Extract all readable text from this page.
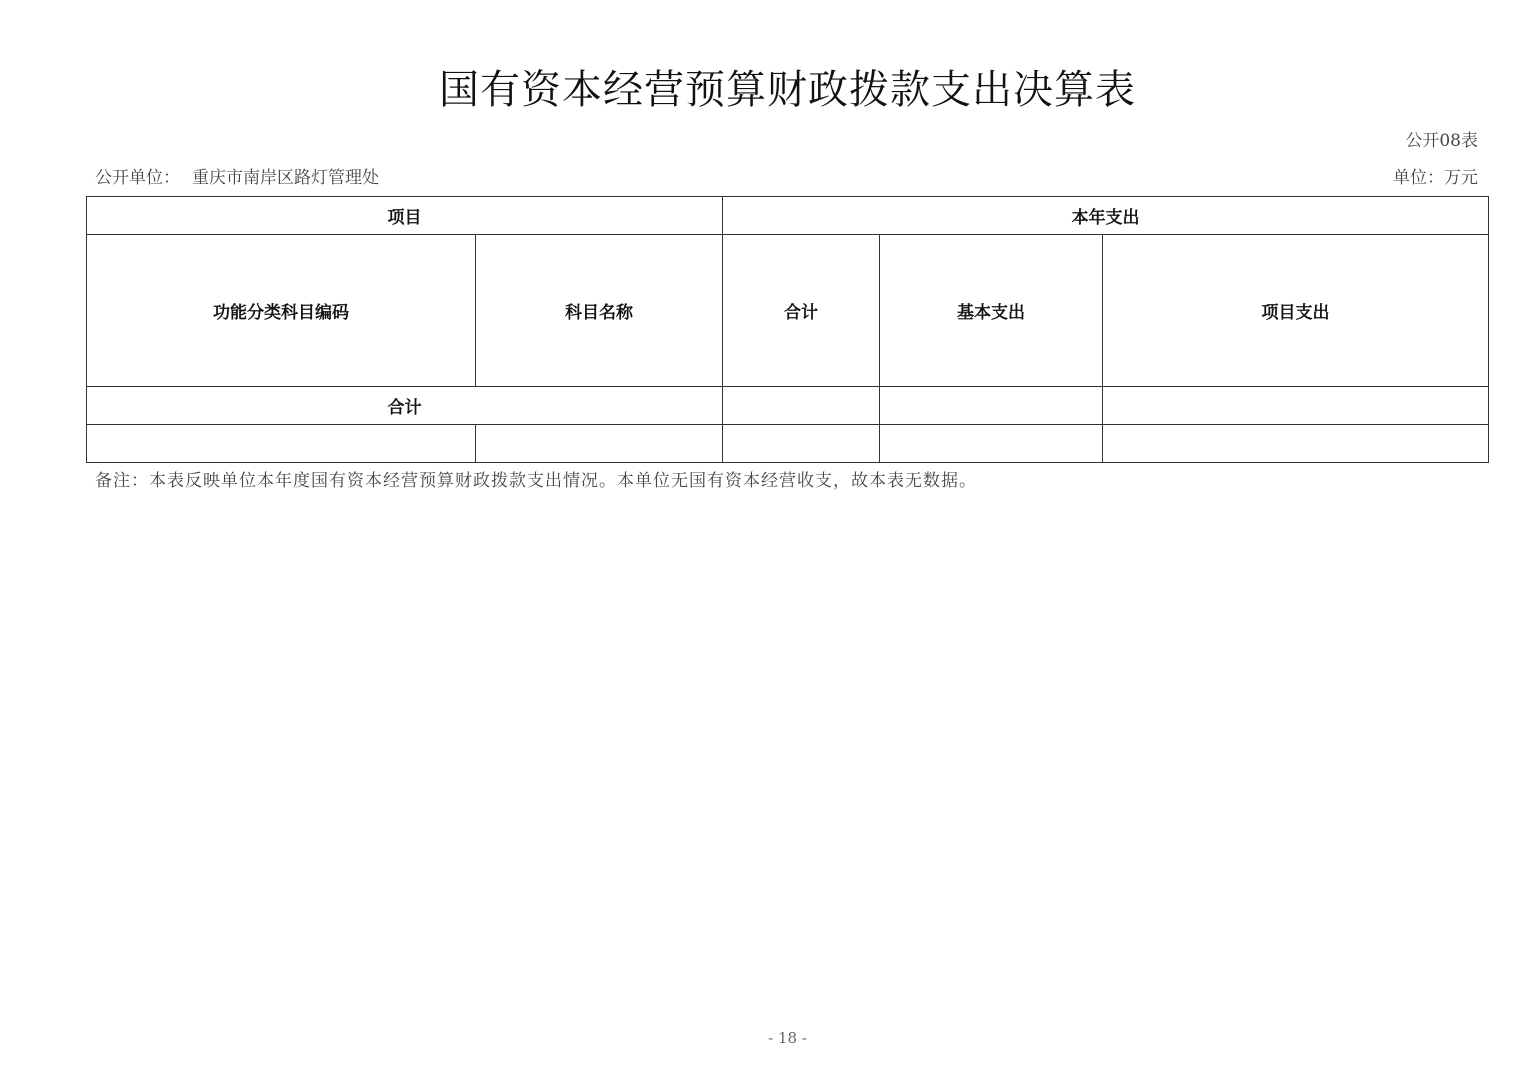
国有资本经营预算财政拨款支出决算表
公开08表
公开单位： 重庆市南岸区路灯管理处	单位：万元
项目		本年支出		
功能分类科目编码	科目名称	合计	基本支出	项目支出
合计				

备注：本表反映单位本年度国有资本经营预算财政拨款支出情况。本单位无国有资本经营收支，故本表无数据。
- 18 -
